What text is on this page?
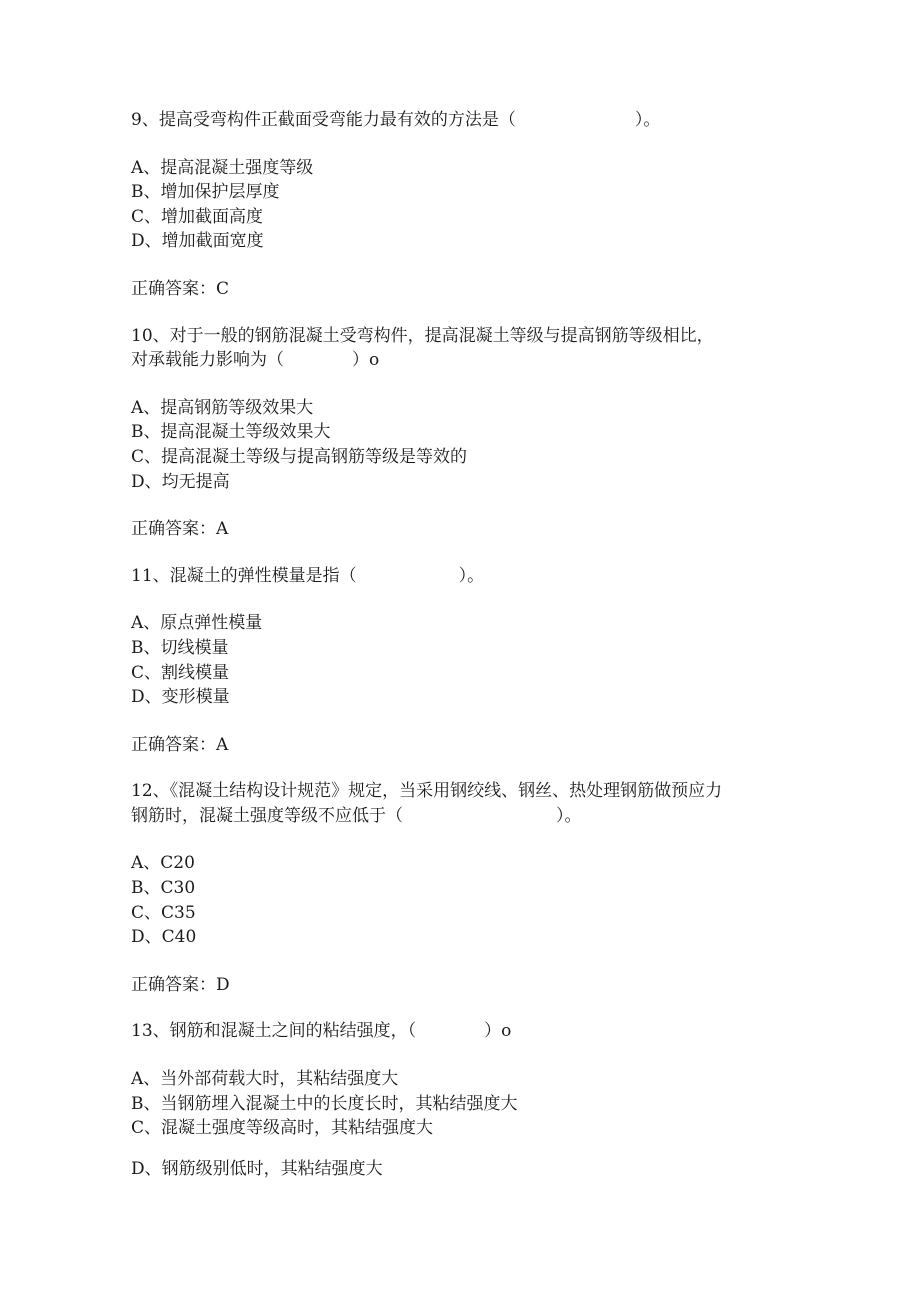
9、提高受弯构件正截面受弯能力最有效的方法是（　　　　　　　）。

A、提高混凝土强度等级

B、增加保护层厚度

C、增加截面高度

D、增加截面宽度

正确答案：C

10、对于一般的钢筋混凝土受弯构件，提高混凝土等级与提高钢筋等级相比，

对承载能力影响为（　　　　）o

A、提高钢筋等级效果大

B、提高混凝土等级效果大

C、提高混凝土等级与提高钢筋等级是等效的

D、均无提高

正确答案：A

11、混凝土的弹性模量是指（　　　　　　）。

A、原点弹性模量

B、切线模量

C、割线模量

D、变形模量

正确答案：A

12、《混凝土结构设计规范》规定，当采用钢绞线、钢丝、热处理钢筋做预应力

钢筋时，混凝土强度等级不应低于（　　　　　　　　　）。

A、C20

B、C30

C、C35

D、C40

正确答案：D

13、钢筋和混凝土之间的粘结强度，（　　　　）o

A、当外部荷载大时，其粘结强度大

B、当钢筋埋入混凝土中的长度长时，其粘结强度大

C、混凝土强度等级高时，其粘结强度大

D、钢筋级别低时，其粘结强度大
